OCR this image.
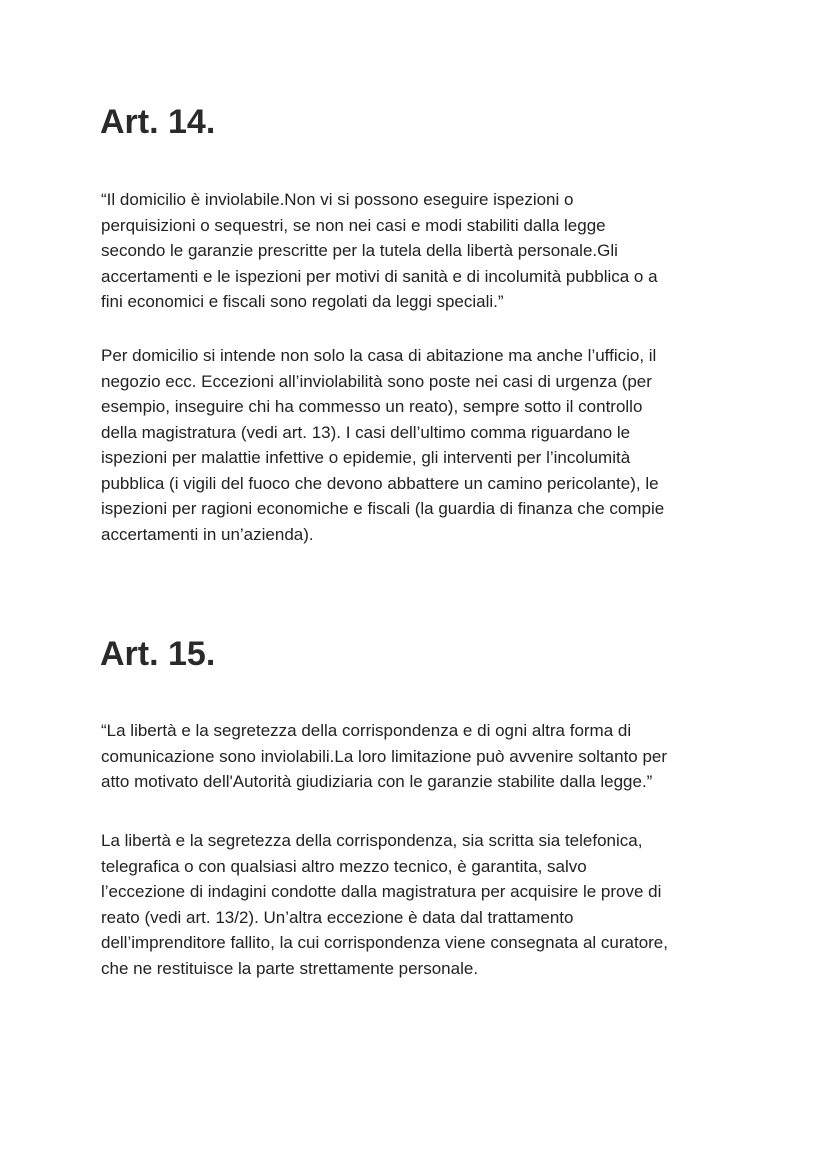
Art. 14.

“Il domicilio è inviolabile.Non vi si possono eseguire ispezioni o
perquisizioni o sequestri, se non nei casi e modi stabiliti dalla legge
secondo le garanzie prescritte per la tutela della libertà personale.Gli
accertamenti e le ispezioni per motivi di sanità e di incolumità pubblica o a
fini economici e fiscali sono regolati da leggi speciali.”

Per domicilio si intende non solo la casa di abitazione ma anche l’ufficio, il
negozio ecc. Eccezioni all’inviolabilità sono poste nei casi di urgenza (per
esempio, inseguire chi ha commesso un reato), sempre sotto il controllo
della magistratura (vedi art. 13). I casi dell’ultimo comma riguardano le
ispezioni per malattie infettive o epidemie, gli interventi per l’incolumità
pubblica (i vigili del fuoco che devono abbattere un camino pericolante), le
ispezioni per ragioni economiche e fiscali (la guardia di finanza che compie
accertamenti in un’azienda).

Art. 15.

“La libertà e la segretezza della corrispondenza e di ogni altra forma di
comunicazione sono inviolabili.La loro limitazione può avvenire soltanto per
atto motivato dell'Autorità giudiziaria con le garanzie stabilite dalla legge.”

La libertà e la segretezza della corrispondenza, sia scritta sia telefonica,
telegrafica o con qualsiasi altro mezzo tecnico, è garantita, salvo
l’eccezione di indagini condotte dalla magistratura per acquisire le prove di
reato (vedi art. 13/2). Un’altra eccezione è data dal trattamento
dell’imprenditore fallito, la cui corrispondenza viene consegnata al curatore,
che ne restituisce la parte strettamente personale.
